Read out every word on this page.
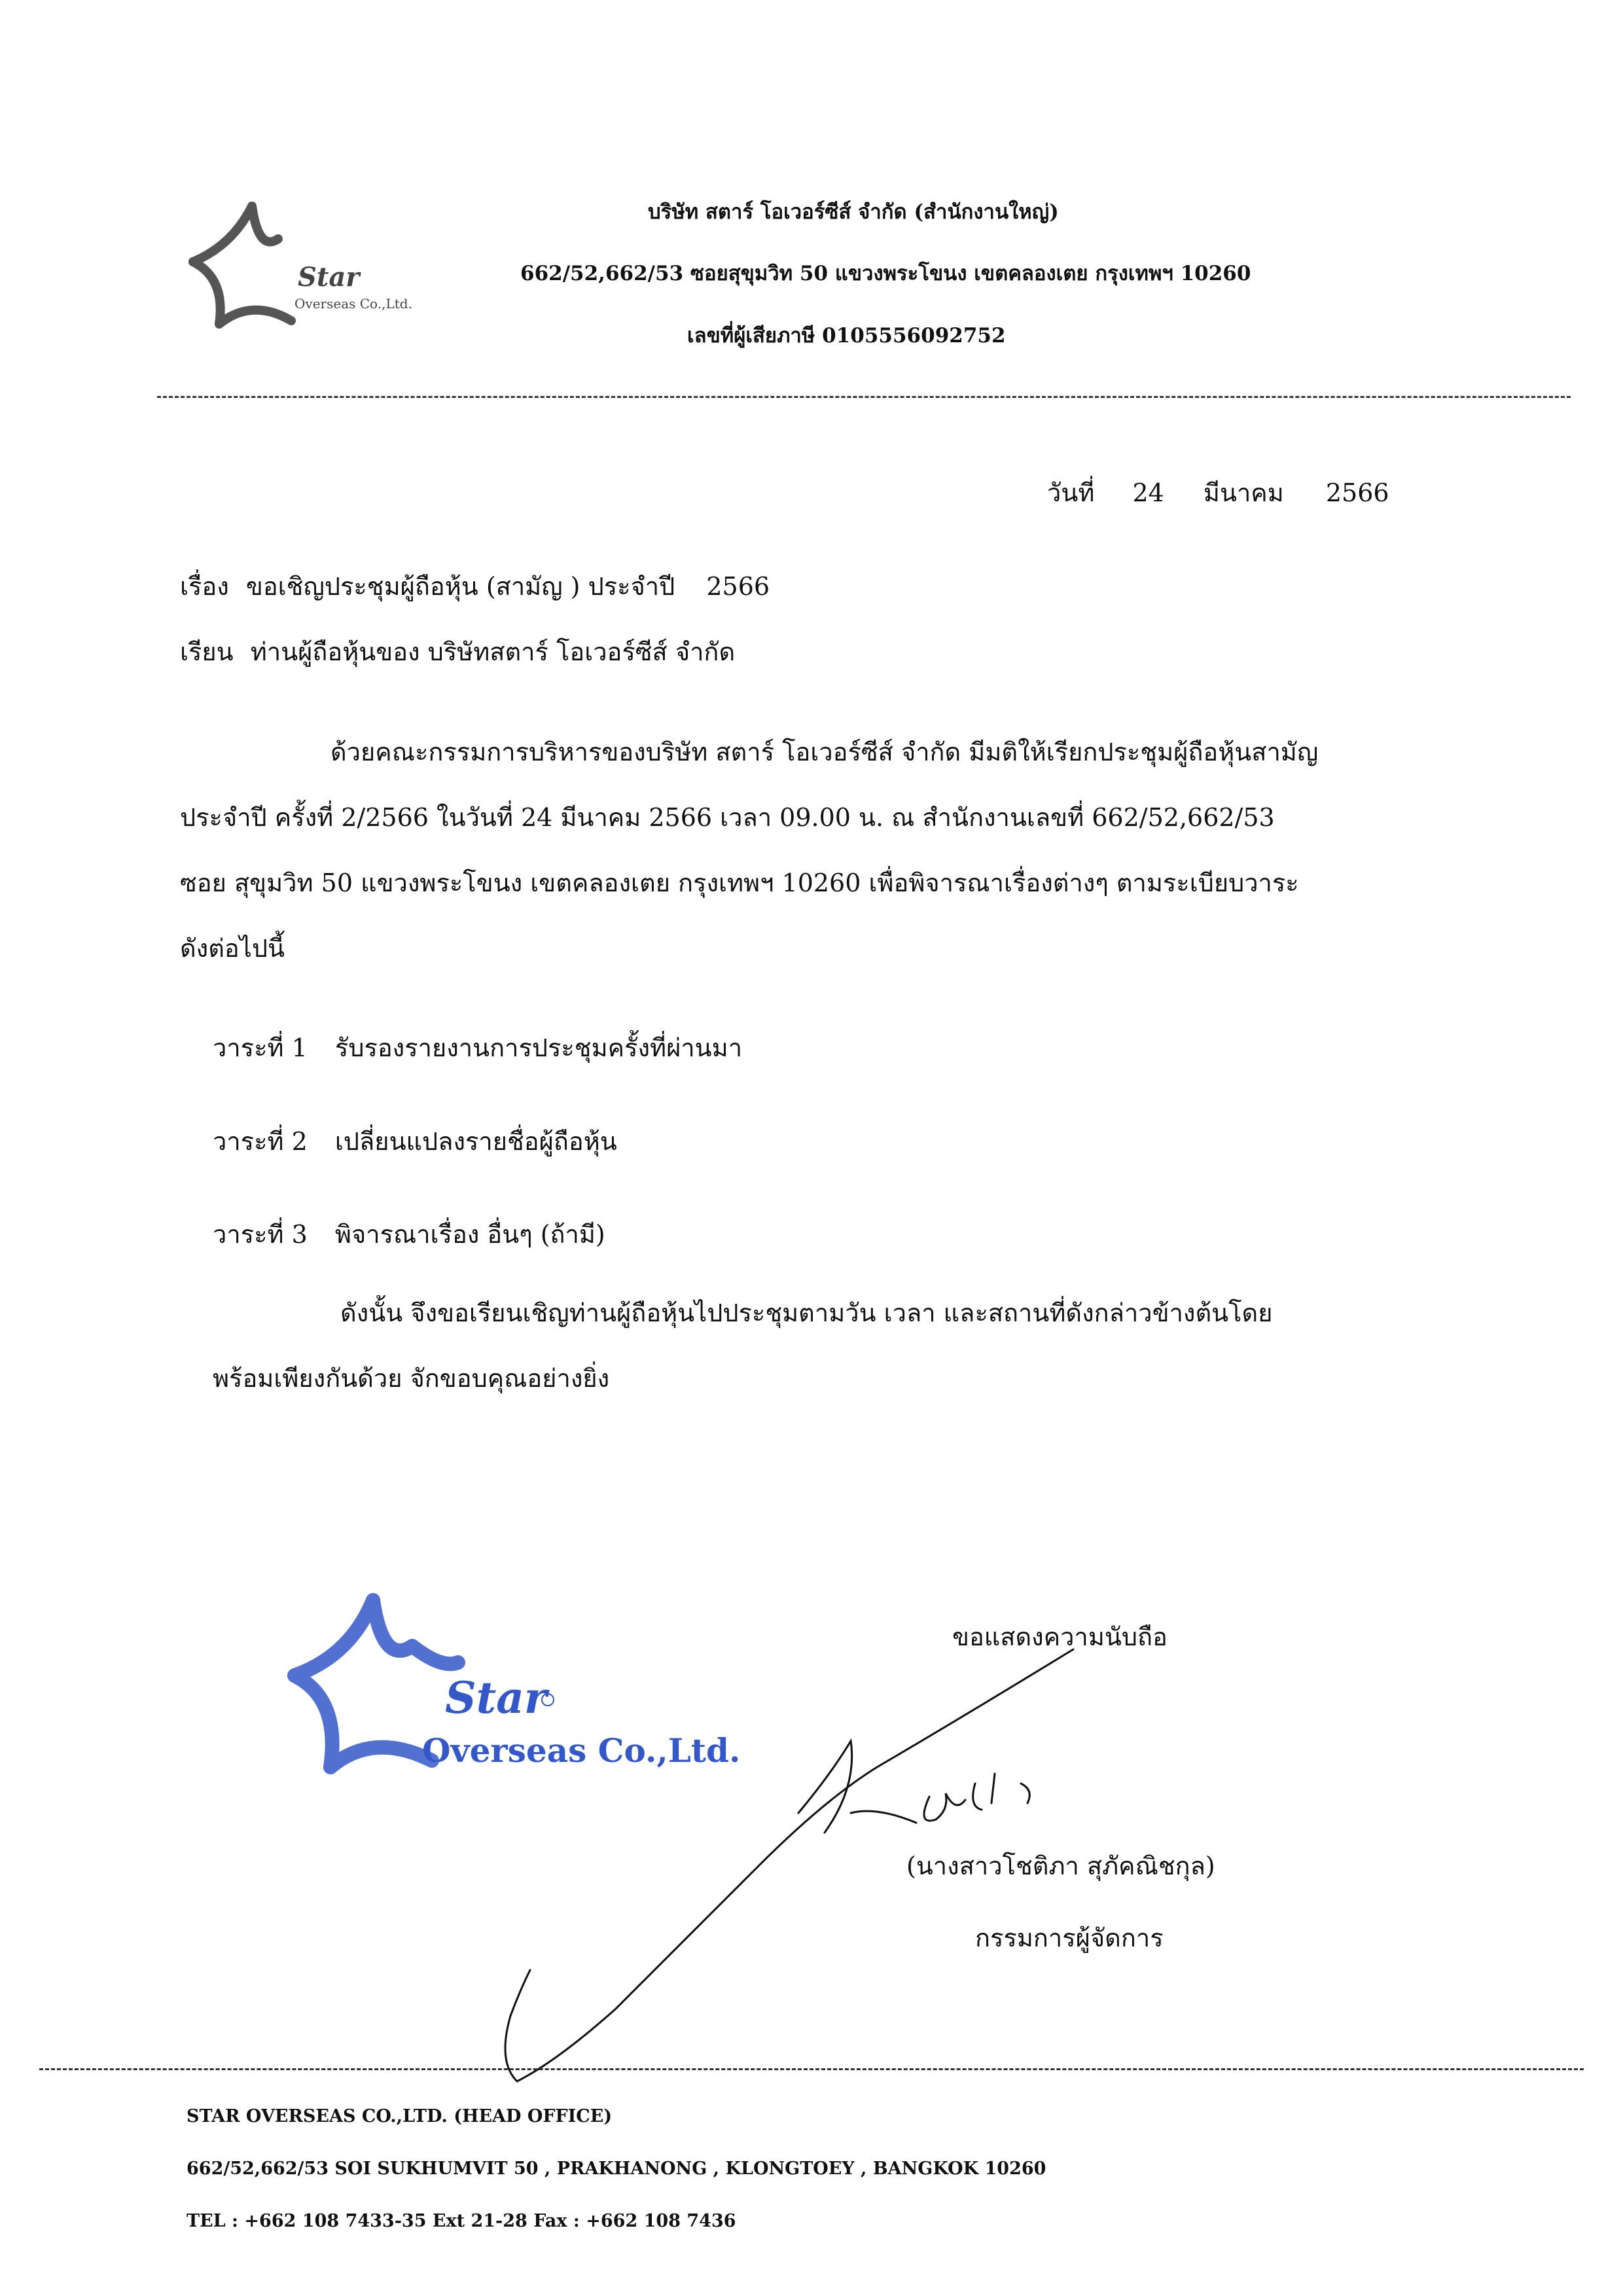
Star
Overseas Co.,Ltd.
บริษัท สตาร์ โอเวอร์ซีส์ จำกัด (สำนักงานใหญ่)
662/52,662/53 ซอยสุขุมวิท 50 แขวงพระโขนง เขตคลองเตย กรุงเทพฯ 10260
เลขที่ผู้เสียภาษี 0105556092752
วันที่ 24 มีนาคม 2566
เรื่อง ขอเชิญประชุมผู้ถือหุ้น (สามัญ ) ประจำปี 2566
เรียน ท่านผู้ถือหุ้นของ บริษัทสตาร์ โอเวอร์ซีส์ จำกัด
ด้วยคณะกรรมการบริหารของบริษัท สตาร์ โอเวอร์ซีส์ จำกัด มีมติให้เรียกประชุมผู้ถือหุ้นสามัญ
ประจำปี ครั้งที่ 2/2566 ในวันที่ 24 มีนาคม 2566 เวลา 09.00 น. ณ สำนักงานเลขที่ 662/52,662/53
ซอย สุขุมวิท 50 แขวงพระโขนง เขตคลองเตย กรุงเทพฯ 10260 เพื่อพิจารณาเรื่องต่างๆ ตามระเบียบวาระ
ดังต่อไปนี้
วาระที่ 1 รับรองรายงานการประชุมครั้งที่ผ่านมา
วาระที่ 2 เปลี่ยนแปลงรายชื่อผู้ถือหุ้น
วาระที่ 3 พิจารณาเรื่อง อื่นๆ (ถ้ามี)
ดังนั้น จึงขอเรียนเชิญท่านผู้ถือหุ้นไปประชุมตามวัน เวลา และสถานที่ดังกล่าวข้างต้นโดย
พร้อมเพียงกันด้วย จักขอบคุณอย่างยิ่ง
Star
Overseas Co.,Ltd.
ขอแสดงความนับถือ
(นางสาวโชติภา สุภัคณิชกุล)
กรรมการผู้จัดการ
STAR OVERSEAS CO.,LTD. (HEAD OFFICE)
662/52,662/53 SOI SUKHUMVIT 50 , PRAKHANONG , KLONGTOEY , BANGKOK 10260
TEL : +662 108 7433-35 Ext 21-28 Fax : +662 108 7436
